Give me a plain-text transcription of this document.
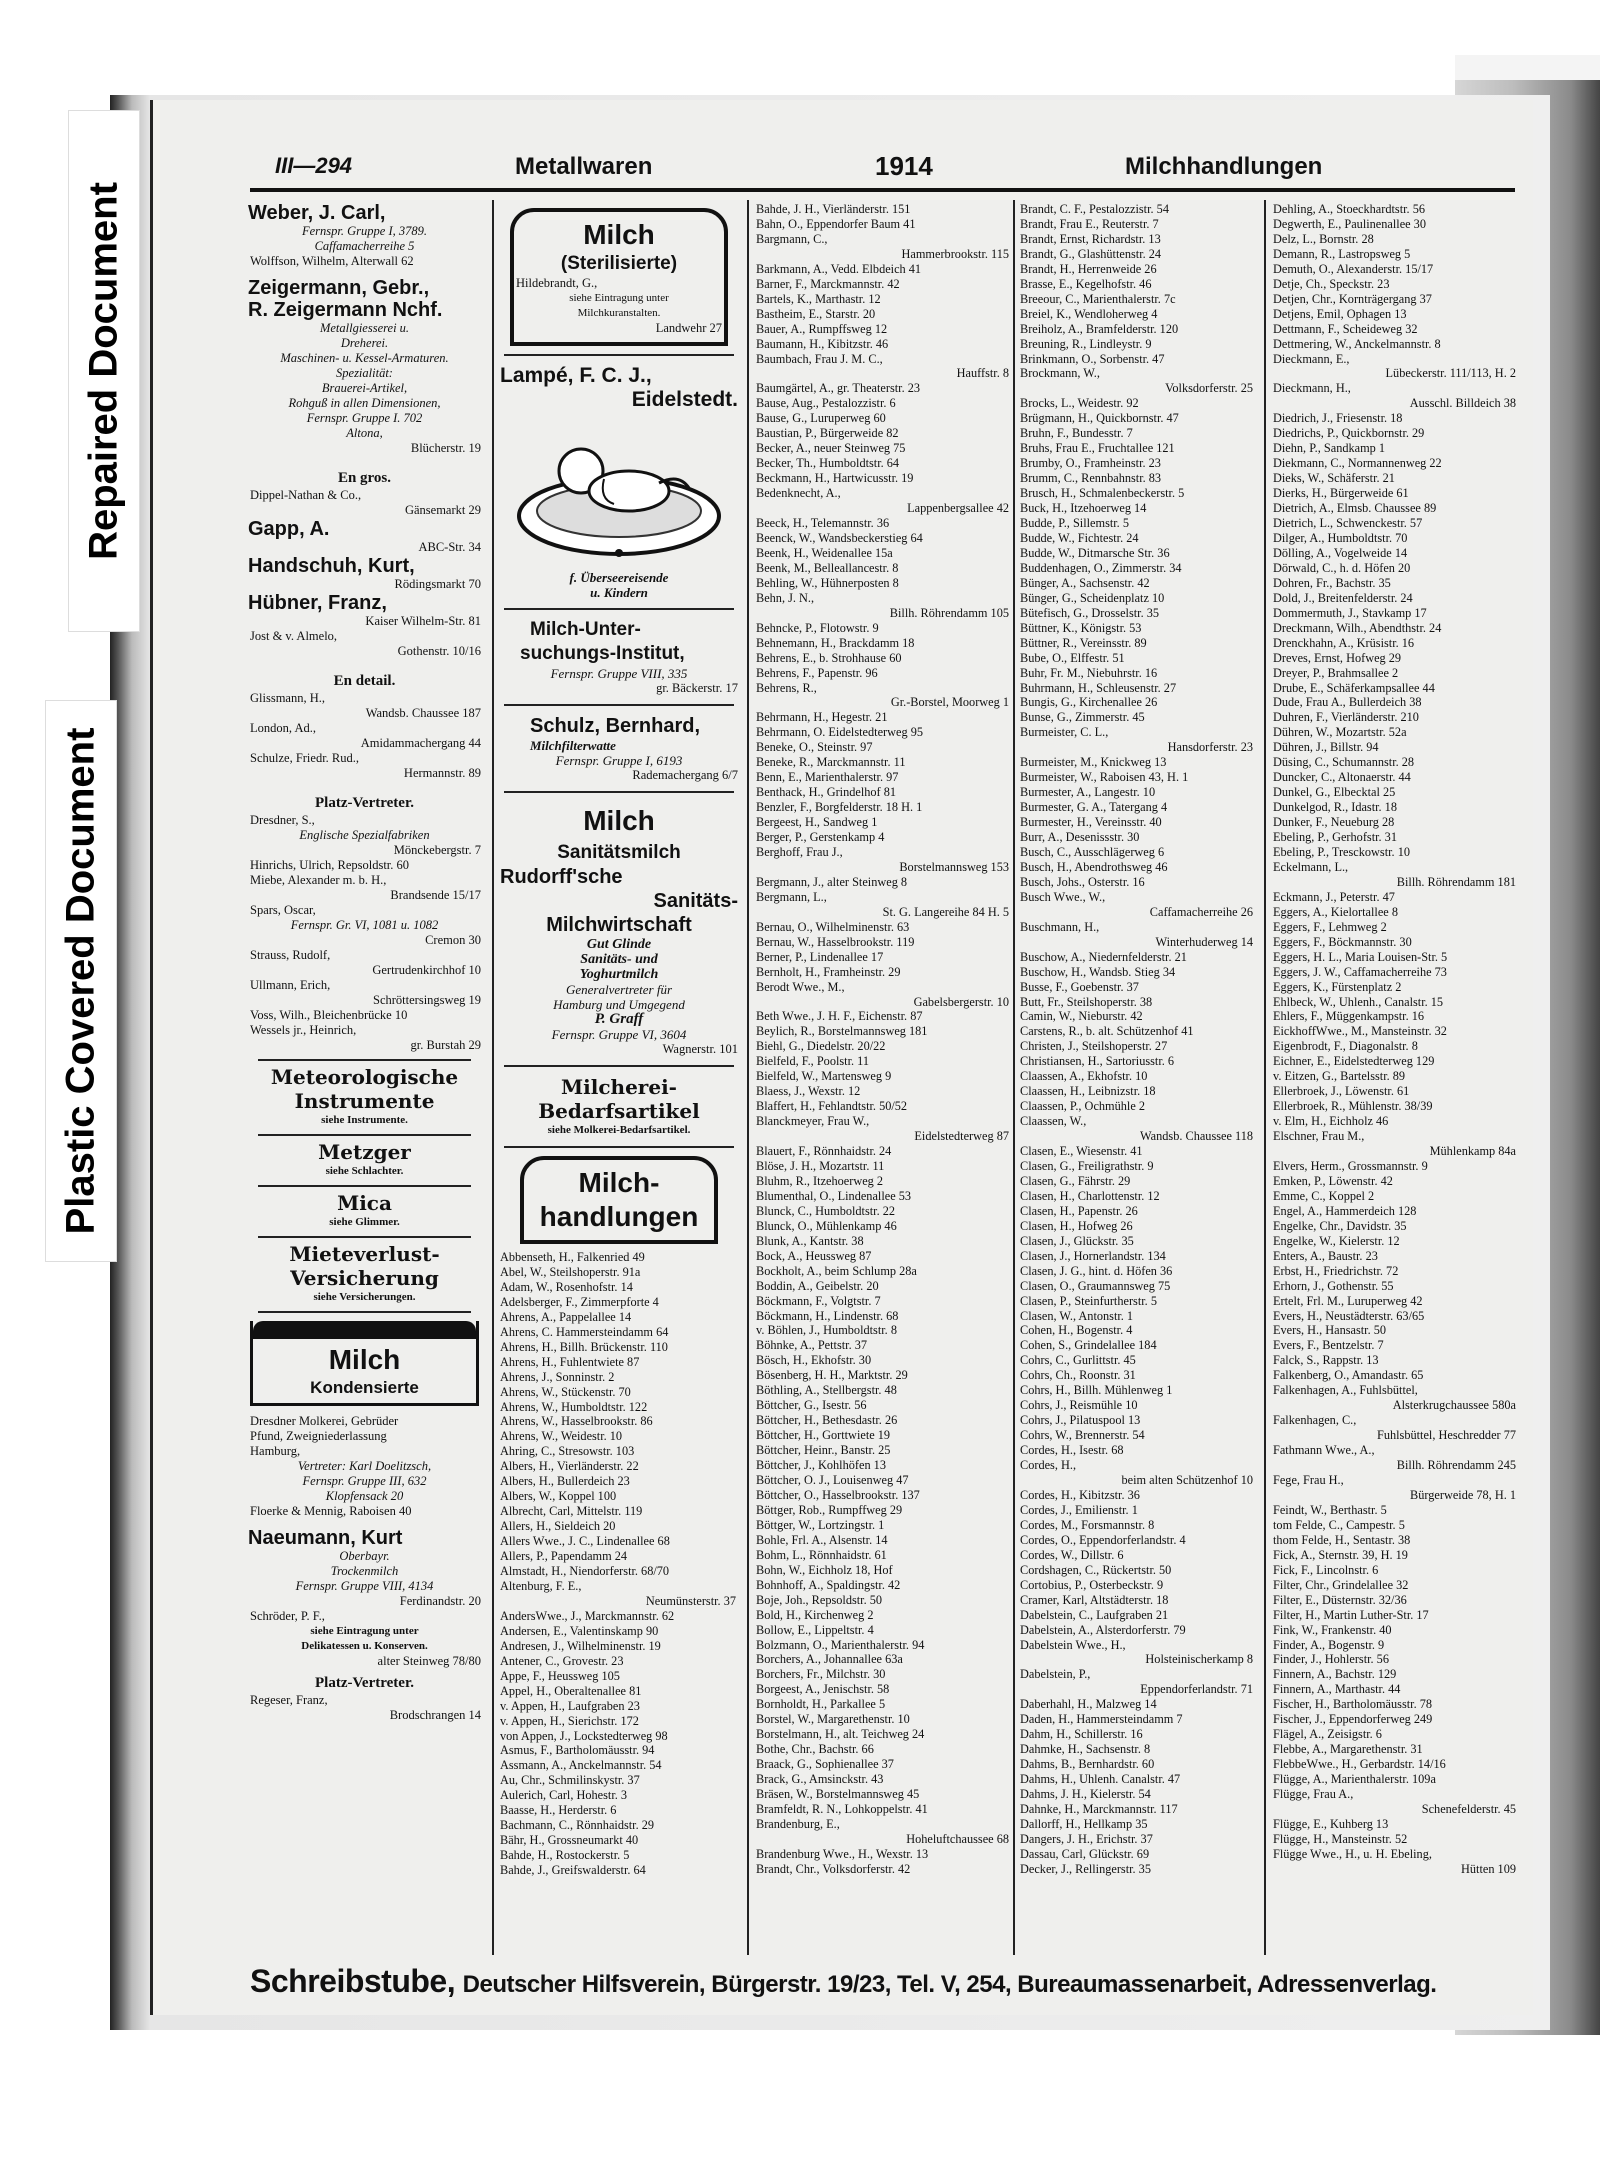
Repaired Document
Plastic Covered Document
III—294	Metallwaren	1914	Milchhandlungen
Weber, J. Carl,
Fernspr. Gruppe I, 3789.
Caffamacherreihe 5
Wolffson, Wilhelm, Alterwall 62
Zeigermann, Gebr.,
R. Zeigermann Nchf.
Metallgiesserei u.
Dreherei.
Maschinen- u. Kessel-Armaturen.
Spezialität:
Brauerei-Artikel,
Rohguß in allen Dimensionen,
Fernspr. Gruppe I. 702
Altona,
Blücherstr. 19
En gros.
Dippel-Nathan & Co.,
Gänsemarkt 29
Gapp, A.
ABC-Str. 34
Handschuh, Kurt,
Rödingsmarkt 70
Hübner, Franz,
Kaiser Wilhelm-Str. 81
Jost & v. Almelo,
Gothenstr. 10/16
En detail.
Glissmann, H.,
Wandsb. Chaussee 187
London, Ad.,
Amidammachergang 44
Schulze, Friedr. Rud.,
Hermannstr. 89
Platz-Vertreter.
Dresdner, S.,
Englische Spezialfabriken
Mönckebergstr. 7
Hinrichs, Ulrich, Repsoldstr. 60
Miebe, Alexander m. b. H.,
Brandsende 15/17
Spars, Oscar,
Fernspr. Gr. VI, 1081 u. 1082
Cremon 30
Strauss, Rudolf,
Gertrudenkirchhof 10
Ullmann, Erich,
Schröttersingsweg 19
Voss, Wilh., Bleichenbrücke 10
Wessels jr., Heinrich,
gr. Burstah 29
Meteorologische
Instrumente
siehe Instrumente.
Metzger
siehe Schlachter.
Mica
siehe Glimmer.
Mieteverlust-
Versicherung
siehe Versicherungen.
Milch
Kondensierte
Dresdner Molkerei, Gebrüder
Pfund, Zweigniederlassung
Hamburg,
Vertreter: Karl Doelitzsch,
Fernspr. Gruppe III, 632
Klopfensack 20
Floerke & Mennig, Raboisen 40
Naeumann, Kurt
Oberbayr.
Trockenmilch
Fernspr. Gruppe VIII, 4134
Ferdinandstr. 20
Schröder, P. F.,
siehe Eintragung unter
Delikatessen u. Konserven.
alter Steinweg 78/80
Platz-Vertreter.
Regeser, Franz,
Brodschrangen 14
Milch
(Sterilisierte)
Hildebrandt, G.,
siehe Eintragung unter
Milchkuranstalten.
Landwehr 27
Lampé, F. C. J.,
Eidelstedt.
f. Überseereisende
u. Kindern
Milch-Unter-
suchungs-Institut,
Fernspr. Gruppe VIII, 335
gr. Bäckerstr. 17
Schulz, Bernhard,
Milchfilterwatte
Fernspr. Gruppe I, 6193
Rademachergang 6/7
Milch
Sanitätsmilch
Rudorff'sche
Sanitäts-
Milchwirtschaft
Gut Glinde
Sanitäts- und
Yoghurtmilch
Generalvertreter für
Hamburg und Umgegend
P. Graff
Fernspr. Gruppe VI, 3604
Wagnerstr. 101
Milcherei-
Bedarfsartikel
siehe Molkerei-Bedarfsartikel.
Milch-
handlungen
Abbenseth, H., Falkenried 49
Abel, W., Steilshoperstr. 91a
Adam, W., Rosenhofstr. 14
Adelsberger, F., Zimmerpforte 4
Ahrens, A., Pappelallee 14
Ahrens, C. Hammersteindamm 64
Ahrens, H., Billh. Brückenstr. 110
Ahrens, H., Fuhlentwiete 87
Ahrens, J., Sonninstr. 2
Ahrens, W., Stückenstr. 70
Ahrens, W., Humboldtstr. 122
Ahrens, W., Hasselbrookstr. 86
Ahrens, W., Weidestr. 10
Ahring, C., Stresowstr. 103
Albers, H., Vierländerstr. 22
Albers, H., Bullerdeich 23
Albers, W., Koppel 100
Albrecht, Carl, Mittelstr. 119
Allers, H., Sieldeich 20
Allers Wwe., J. C., Lindenallee 68
Allers, P., Papendamm 24
Almstadt, H., Niendorferstr. 68/70
Altenburg, F. E.,
Neumünsterstr. 37
AndersWwe., J., Marckmannstr. 62
Andersen, E., Valentinskamp 90
Andresen, J., Wilhelminenstr. 19
Antener, C., Grovestr. 23
Appe, F., Heussweg 105
Appel, H., Oberaltenallee 81
v. Appen, H., Laufgraben 23
v. Appen, H., Sierichstr. 172
von Appen, J., Lockstedterweg 98
Asmus, F., Bartholomäusstr. 94
Assmann, A., Anckelmannstr. 54
Au, Chr., Schmilinskystr. 37
Aulerich, Carl, Hohestr. 3
Baasse, H., Herderstr. 6
Bachmann, C., Rönnhaidstr. 29
Bähr, H., Grossneumarkt 40
Bahde, H., Rostockerstr. 5
Bahde, J., Greifswalderstr. 64
Bahde, J. H., Vierländerstr. 151
Bahn, O., Eppendorfer Baum 41
Bargmann, C.,
Hammerbrookstr. 115
Barkmann, A., Vedd. Elbdeich 41
Barner, F., Marckmannstr. 42
Bartels, K., Marthastr. 12
Bastheim, E., Starstr. 20
Bauer, A., Rumpffsweg 12
Baumann, H., Kibitzstr. 46
Baumbach, Frau J. M. C.,
Hauffstr. 8
Baumgärtel, A., gr. Theaterstr. 23
Bause, Aug., Pestalozzistr. 6
Bause, G., Luruperweg 60
Baustian, P., Bürgerweide 82
Becker, A., neuer Steinweg 75
Becker, Th., Humboldtstr. 64
Beckmann, H., Hartwicusstr. 19
Bedenknecht, A.,
Lappenbergsallee 42
Beeck, H., Telemannstr. 36
Beenck, W., Wandsbeckerstieg 64
Beenk, H., Weidenallee 15a
Beenk, M., Belleallancestr. 8
Behling, W., Hühnerposten 8
Behn, J. N.,
Billh. Röhrendamm 105
Behncke, P., Flotowstr. 9
Behnemann, H., Brackdamm 18
Behrens, E., b. Strohhause 60
Behrens, F., Papenstr. 96
Behrens, R.,
Gr.-Borstel, Moorweg 1
Behrmann, H., Hegestr. 21
Behrmann, O. Eidelstedterweg 95
Beneke, O., Steinstr. 97
Beneke, R., Marckmannstr. 11
Benn, E., Marienthalerstr. 97
Benthack, H., Grindelhof 81
Benzler, F., Borgfelderstr. 18 H. 1
Bergeest, H., Sandweg 1
Berger, P., Gerstenkamp 4
Berghoff, Frau J.,
Borstelmannsweg 153
Bergmann, J., alter Steinweg 8
Bergmann, L.,
St. G. Langereihe 84 H. 5
Bernau, O., Wilhelminenstr. 63
Bernau, W., Hasselbrookstr. 119
Berner, P., Lindenallee 17
Bernholt, H., Framheinstr. 29
Berodt Wwe., M.,
Gabelsbergerstr. 10
Beth Wwe., J. H. F., Eichenstr. 87
Beylich, R., Borstelmannsweg 181
Biehl, G., Diedelstr. 20/22
Bielfeld, F., Poolstr. 11
Bielfeld, W., Martensweg 9
Blaess, J., Wexstr. 12
Blaffert, H., Fehlandtstr. 50/52
Blanckmeyer, Frau W.,
Eidelstedterweg 87
Blauert, F., Rönnhaidstr. 24
Blöse, J. H., Mozartstr. 11
Bluhm, R., Itzehoerweg 2
Blumenthal, O., Lindenallee 53
Blunck, C., Humboldtstr. 22
Blunck, O., Mühlenkamp 46
Blunk, A., Kantstr. 38
Bock, A., Heussweg 87
Bockholt, A., beim Schlump 28a
Boddin, A., Geibelstr. 20
Böckmann, F., Volgtstr. 7
Böckmann, H., Lindenstr. 68
v. Böhlen, J., Humboldtstr. 8
Böhnke, A., Pettstr. 37
Bösch, H., Ekhofstr. 30
Bösenberg, H. H., Marktstr. 29
Böthling, A., Stellbergstr. 48
Böttcher, G., Isestr. 56
Böttcher, H., Bethesdastr. 26
Böttcher, H., Gorttwiete 19
Böttcher, Heinr., Banstr. 25
Böttcher, J., Kohlhöfen 13
Böttcher, O. J., Louisenweg 47
Böttcher, O., Hasselbrookstr. 137
Böttger, Rob., Rumpffweg 29
Böttger, W., Lortzingstr. 1
Bohle, Frl. A., Alsenstr. 14
Bohm, L., Rönnhaidstr. 61
Bohn, W., Eichholz 18, Hof
Bohnhoff, A., Spaldingstr. 42
Boje, Joh., Repsoldstr. 50
Bold, H., Kirchenweg 2
Bollow, E., Lippeltstr. 4
Bolzmann, O., Marienthalerstr. 94
Borchers, A., Johannallee 63a
Borchers, Fr., Milchstr. 30
Borgeest, A., Jenischstr. 58
Bornholdt, H., Parkallee 5
Borstel, W., Margarethenstr. 10
Borstelmann, H., alt. Teichweg 24
Bothe, Chr., Bachstr. 66
Braack, G., Sophienallee 37
Brack, G., Amsinckstr. 43
Bräsen, W., Borstelmannsweg 45
Bramfeldt, R. N., Lohkoppelstr. 41
Brandenburg, E.,
Hoheluftchaussee 68
Brandenburg Wwe., H., Wexstr. 13
Brandt, Chr., Volksdorferstr. 42
Brandt, C. F., Pestalozzistr. 54
Brandt, Frau E., Reuterstr. 7
Brandt, Ernst, Richardstr. 13
Brandt, G., Glashüttenstr. 24
Brandt, H., Herrenweide 26
Brasse, E., Kegelhofstr. 46
Breeour, C., Marienthalerstr. 7c
Breiel, K., Wendloherweg 4
Breiholz, A., Bramfelderstr. 120
Breuning, R., Lindleystr. 9
Brinkmann, O., Sorbenstr. 47
Brockmann, W.,
Volksdorferstr. 25
Brocks, L., Weidestr. 92
Brügmann, H., Quickbornstr. 47
Bruhn, F., Bundesstr. 7
Bruhs, Frau E., Fruchtallee 121
Brumby, O., Framheinstr. 23
Brumm, C., Rennbahnstr. 83
Brusch, H., Schmalenbeckerstr. 5
Buck, H., Itzehoerweg 14
Budde, P., Sillemstr. 5
Budde, W., Fichtestr. 24
Budde, W., Ditmarsche Str. 36
Buddenhagen, O., Zimmerstr. 34
Bünger, A., Sachsenstr. 42
Bünger, G., Scheidenplatz 10
Bütefisch, G., Drosselstr. 35
Büttner, K., Königstr. 53
Büttner, R., Vereinsstr. 89
Bube, O., Elffestr. 51
Buhr, Fr. M., Niebuhrstr. 16
Buhrmann, H., Schleusenstr. 27
Bungis, G., Kirchenallee 26
Bunse, G., Zimmerstr. 45
Burmeister, C. L.,
Hansdorferstr. 23
Burmeister, M., Knickweg 13
Burmeister, W., Raboisen 43, H. 1
Burmester, A., Langestr. 10
Burmester, G. A., Tatergang 4
Burmester, H., Vereinsstr. 40
Burr, A., Desenissstr. 30
Busch, C., Ausschlägerweg 6
Busch, H., Abendrothsweg 46
Busch, Johs., Osterstr. 16
Busch Wwe., W.,
Caffamacherreihe 26
Buschmann, H.,
Winterhuderweg 14
Buschow, A., Niedernfelderstr. 21
Buschow, H., Wandsb. Stieg 34
Busse, F., Goebenstr. 37
Butt, Fr., Steilshoperstr. 38
Camin, W., Nieburstr. 42
Carstens, R., b. alt. Schützenhof 41
Christen, J., Steilshoperstr. 27
Christiansen, H., Sartoriusstr. 6
Claassen, A., Ekhofstr. 10
Claassen, H., Leibnizstr. 18
Claassen, P., Ochmühle 2
Claassen, W.,
Wandsb. Chaussee 118
Clasen, E., Wiesenstr. 41
Clasen, G., Freiligrathstr. 9
Clasen, G., Fährstr. 29
Clasen, H., Charlottenstr. 12
Clasen, H., Papenstr. 26
Clasen, H., Hofweg 26
Clasen, J., Glückstr. 35
Clasen, J., Hornerlandstr. 134
Clasen, J. G., hint. d. Höfen 36
Clasen, O., Graumannsweg 75
Clasen, P., Steinfurtherstr. 5
Clasen, W., Antonstr. 1
Cohen, H., Bogenstr. 4
Cohen, S., Grindelallee 184
Cohrs, C., Gurlittstr. 45
Cohrs, Ch., Roonstr. 31
Cohrs, H., Billh. Mühlenweg 1
Cohrs, J., Reismühle 10
Cohrs, J., Pilatuspool 13
Cohrs, W., Brennerstr. 54
Cordes, H., Isestr. 68
Cordes, H.,
beim alten Schützenhof 10
Cordes, H., Kibitzstr. 36
Cordes, J., Emilienstr. 1
Cordes, M., Forsmannstr. 8
Cordes, O., Eppendorferlandstr. 4
Cordes, W., Dillstr. 6
Cordshagen, C., Rückertstr. 50
Cortobius, P., Osterbeckstr. 9
Cramer, Karl, Altstädterstr. 18
Dabelstein, C., Laufgraben 21
Dabelstein, A., Alsterdorferstr. 79
Dabelstein Wwe., H.,
Holsteinischerkamp 8
Dabelstein, P.,
Eppendorferlandstr. 71
Daberhahl, H., Malzweg 14
Daden, H., Hammersteindamm 7
Dahm, H., Schillerstr. 16
Dahmke, H., Sachsenstr. 8
Dahms, B., Bernhardstr. 60
Dahms, H., Uhlenh. Canalstr. 47
Dahms, J. H., Kielerstr. 54
Dahnke, H., Marckmannstr. 117
Dallorff, H., Hellkamp 35
Dangers, J. H., Erichstr. 37
Dassau, Carl, Glückstr. 69
Decker, J., Rellingerstr. 35
Dehling, A., Stoeckhardtstr. 56
Degwerth, E., Paulinenallee 30
Delz, L., Bornstr. 28
Demann, R., Lastropsweg 5
Demuth, O., Alexanderstr. 15/17
Detje, Ch., Speckstr. 23
Detjen, Chr., Kornträgergang 37
Detjens, Emil, Ophagen 13
Dettmann, F., Scheideweg 32
Dettmering, W., Anckelmannstr. 8
Dieckmann, E.,
Lübeckerstr. 111/113, H. 2
Dieckmann, H.,
Ausschl. Billdeich 38
Diedrich, J., Friesenstr. 18
Diedrichs, P., Quickbornstr. 29
Diehn, P., Sandkamp 1
Diekmann, C., Normannenweg 22
Dieks, W., Schäferstr. 21
Dierks, H., Bürgerweide 61
Dietrich, A., Elmsb. Chaussee 89
Dietrich, L., Schwenckestr. 57
Dilger, A., Humboldtstr. 70
Dölling, A., Vogelweide 14
Dörwald, C., h. d. Höfen 20
Dohren, Fr., Bachstr. 35
Dold, J., Breitenfelderstr. 24
Dommermuth, J., Stavkamp 17
Dreckmann, Wilh., Abendthstr. 24
Drenckhahn, A., Krüsistr. 16
Dreves, Ernst, Hofweg 29
Dreyer, P., Brahmsallee 2
Drube, E., Schäferkampsallee 44
Dude, Frau A., Bullerdeich 38
Duhren, F., Vierländerstr. 210
Dühren, W., Mozartstr. 52a
Dühren, J., Billstr. 94
Düsing, C., Schumannstr. 28
Duncker, C., Altonaerstr. 44
Dunkel, G., Elbecktal 25
Dunkelgod, R., Idastr. 18
Dunker, F., Neueburg 28
Ebeling, P., Gerhofstr. 31
Ebeling, P., Tresckowstr. 10
Eckelmann, L.,
Billh. Röhrendamm 181
Eckmann, J., Peterstr. 47
Eggers, A., Kielortallee 8
Eggers, F., Lehmweg 2
Eggers, F., Böckmannstr. 30
Eggers, H. L., Maria Louisen-Str. 5
Eggers, J. W., Caffamacherreihe 73
Eggers, K., Fürstenplatz 2
Ehlbeck, W., Uhlenh., Canalstr. 15
Ehlers, F., Müggenkampstr. 16
EickhoffWwe., M., Mansteinstr. 32
Eigenbrodt, F., Diagonalstr. 8
Eichner, E., Eidelstedterweg 129
v. Eitzen, G., Bartelsstr. 89
Ellerbroek, J., Löwenstr. 61
Ellerbroek, R., Mühlenstr. 38/39
v. Elm, H., Eichholz 46
Elschner, Frau M.,
Mühlenkamp 84a
Elvers, Herm., Grossmannstr. 9
Emken, P., Löwenstr. 42
Emme, C., Koppel 2
Engel, A., Hammerdeich 128
Engelke, Chr., Davidstr. 35
Engelke, W., Kielerstr. 12
Enters, A., Baustr. 23
Erbst, H., Friedrichstr. 72
Erhorn, J., Gothenstr. 55
Ertelt, Frl. M., Luruperweg 42
Evers, H., Neustädterstr. 63/65
Evers, H., Hansastr. 50
Evers, F., Bentzelstr. 7
Falck, S., Rappstr. 13
Falkenberg, O., Amandastr. 65
Falkenhagen, A., Fuhlsbüttel,
Alsterkrugchaussee 580a
Falkenhagen, C.,
Fuhlsbüttel, Heschredder 77
Fathmann Wwe., A.,
Billh. Röhrendamm 245
Fege, Frau H.,
Bürgerweide 78, H. 1
Feindt, W., Berthastr. 5
tom Felde, C., Campestr. 5
thom Felde, H., Sentastr. 38
Fick, A., Sternstr. 39, H. 19
Fick, F., Lincolnstr. 6
Filter, Chr., Grindelallee 32
Filter, E., Düsternstr. 32/36
Filter, H., Martin Luther-Str. 17
Fink, W., Frankenstr. 40
Finder, A., Bogenstr. 9
Finder, J., Hohlerstr. 56
Finnern, A., Bachstr. 129
Finnern, A., Marthastr. 44
Fischer, H., Bartholomäusstr. 78
Fischer, J., Eppendorferweg 249
Flägel, A., Zeisigstr. 6
Flebbe, A., Margarethenstr. 31
FlebbeWwe., H., Gerbardstr. 14/16
Flügge, A., Marienthalerstr. 109a
Flügge, Frau A.,
Schenefelderstr. 45
Flügge, E., Kuhberg 13
Flügge, H., Mansteinstr. 52
Flügge Wwe., H., u. H. Ebeling,
Hütten 109
Schreibstube, Deutscher Hilfsverein, Bürgerstr. 19/23, Tel. V, 254, Bureaumassenarbeit, Adressenverlag.
